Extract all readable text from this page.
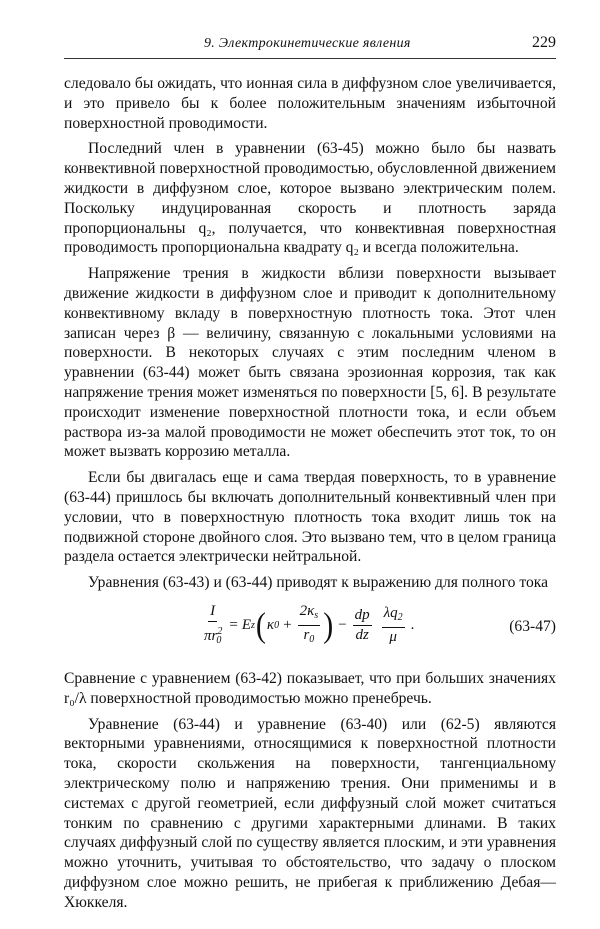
9. Электрокинетические явления	229

следовало бы ожидать, что ионная сила в диффузном слое увеличивается, и это привело бы к более положительным значениям избыточной поверхностной проводимости.

Последний член в уравнении (63-45) можно было бы назвать конвективной поверхностной проводимостью, обусловленной движением жидкости в диффузном слое, которое вызвано электрическим полем. Поскольку индуцированная скорость и плотность заряда пропорциональны q₂, получается, что конвективная поверхностная проводимость пропорциональна квадрату q₂ и всегда положительна.

Напряжение трения в жидкости вблизи поверхности вызывает движение жидкости в диффузном слое и приводит к дополнительному конвективному вкладу в поверхностную плотность тока. Этот член записан через β — величину, связанную с локальными условиями на поверхности. В некоторых случаях с этим последним членом в уравнении (63-44) может быть связана эрозионная коррозия, так как напряжение трения может изменяться по поверхности [5, 6]. В результате происходит изменение поверхностной плотности тока, и если объем раствора из-за малой проводимости не может обеспечить этот ток, то он может вызвать коррозию металла.

Если бы двигалась еще и сама твердая поверхность, то в уравнение (63-44) пришлось бы включать дополнительный конвективный член при условии, что в поверхностную плотность тока входит лишь ток на подвижной стороне двойного слоя. Это вызвано тем, что в целом граница раздела остается электрически нейтральной.

Уравнения (63-43) и (63-44) приводят к выражению для полного тока

$\frac{I}{\pi r^2_0} = E$ z ( κ $0 + \frac{2\kappa_s}{r_0}$ ) − $\frac{dp}{dz} \frac{\lambda q_2}{\mu}$ .	(63-47)

Сравнение с уравнением (63-42) показывает, что при больших значениях r₀/λ поверхностной проводимостью можно пренебречь.

Уравнение (63-44) и уравнение (63-40) или (62-5) являются векторными уравнениями, относящимися к поверхностной плотности тока, скорости скольжения на поверхности, тангенциальному электрическому полю и напряжению трения. Они применимы и в системах с другой геометрией, если диффузный слой может считаться тонким по сравнению с другими характерными длинами. В таких случаях диффузный слой по существу является плоским, и эти уравнения можно уточнить, учитывая то обстоятельство, что задачу о плоском диффузном слое можно решить, не прибегая к приближению Дебая—Хюккеля.
